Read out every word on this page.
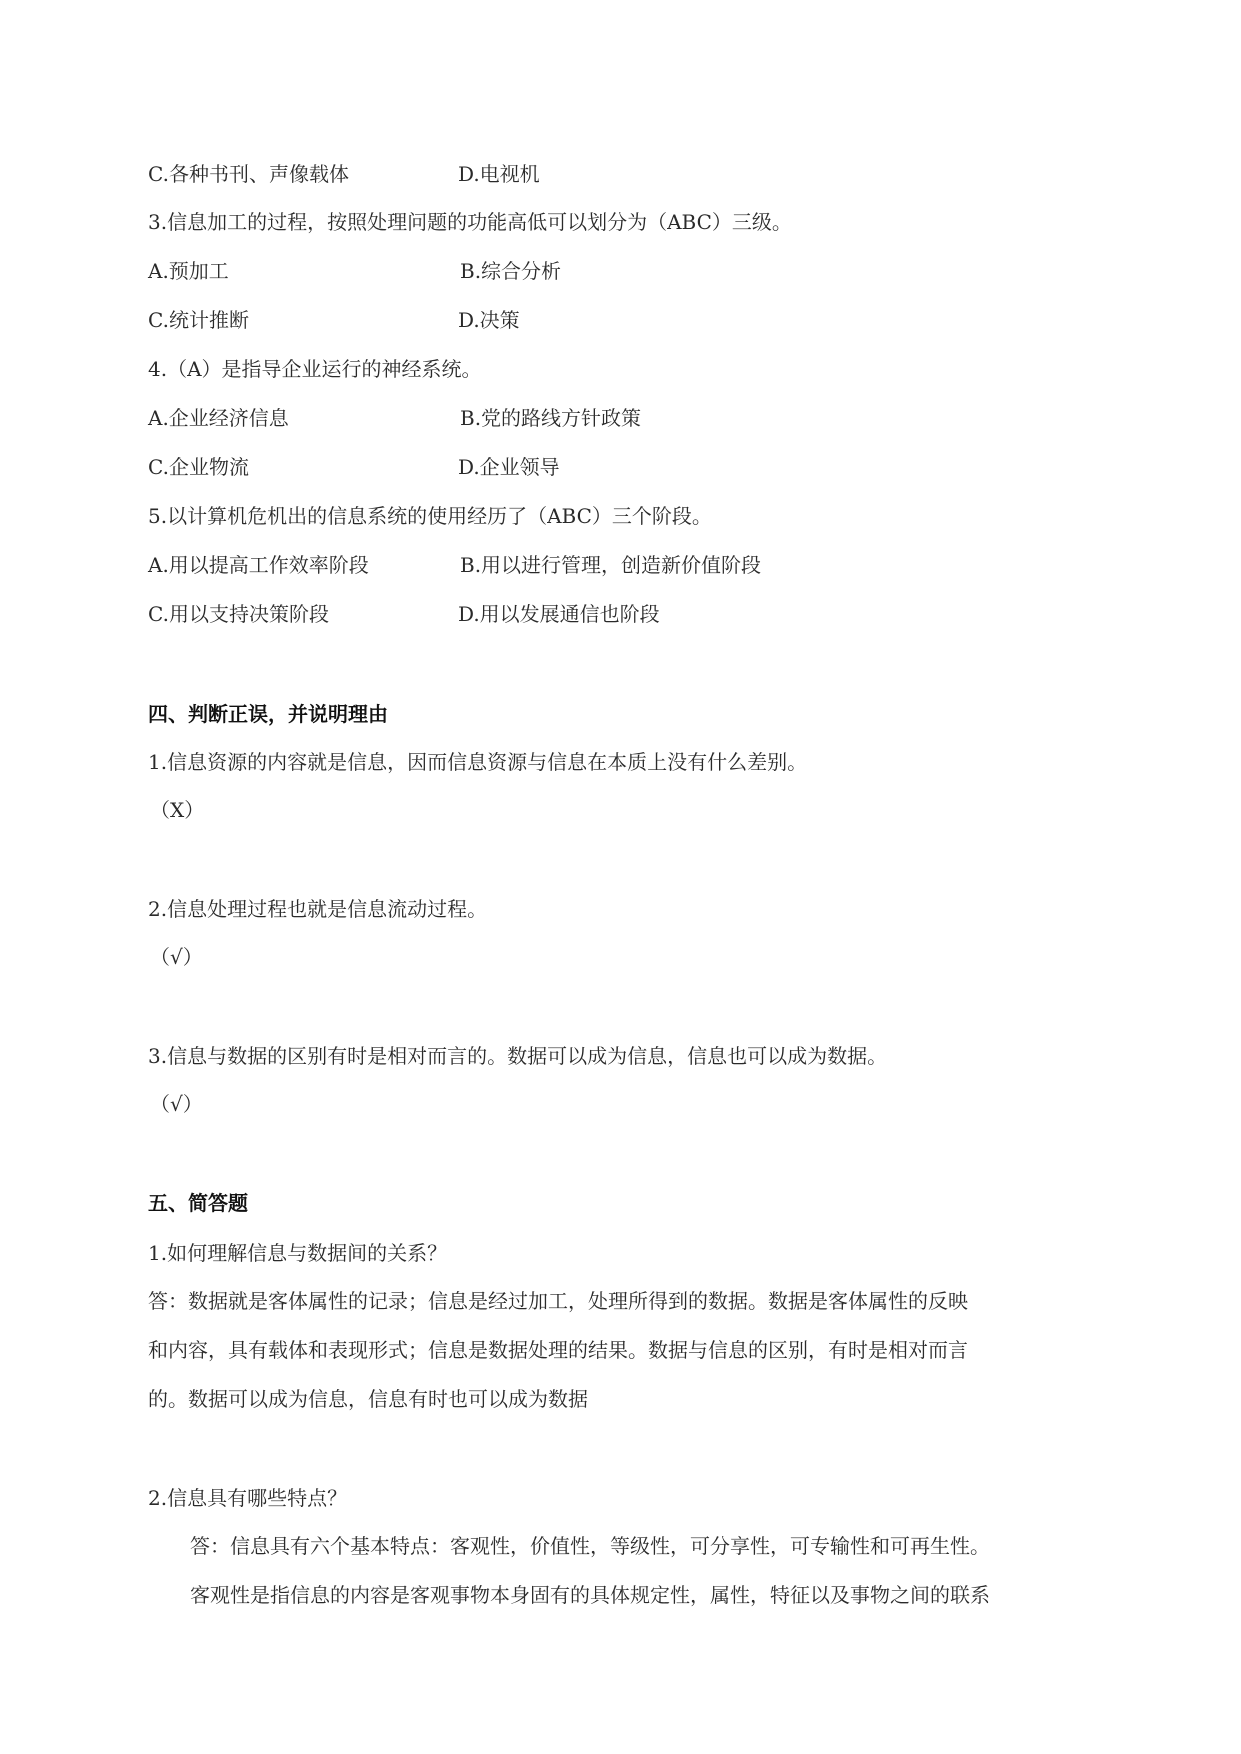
C.各种书刊、声像载体	D.电视机
3.信息加工的过程，按照处理问题的功能高低可以划分为（ABC）三级。
A.预加工	B.综合分析
C.统计推断	D.决策
4.（A）是指导企业运行的神经系统。
A.企业经济信息	B.党的路线方针政策
C.企业物流	D.企业领导
5.以计算机危机出的信息系统的使用经历了（ABC）三个阶段。
A.用以提高工作效率阶段	B.用以进行管理，创造新价值阶段
C.用以支持决策阶段	D.用以发展通信也阶段
四、判断正误，并说明理由
1.信息资源的内容就是信息，因而信息资源与信息在本质上没有什么差别。
（X）
2.信息处理过程也就是信息流动过程。
（√）
3.信息与数据的区别有时是相对而言的。数据可以成为信息，信息也可以成为数据。
（√）
五、简答题
1.如何理解信息与数据间的关系？
答：数据就是客体属性的记录；信息是经过加工，处理所得到的数据。数据是客体属性的反映
和内容，具有载体和表现形式；信息是数据处理的结果。数据与信息的区别，有时是相对而言
的。数据可以成为信息，信息有时也可以成为数据
2.信息具有哪些特点？
答：信息具有六个基本特点：客观性，价值性，等级性，可分享性，可专输性和可再生性。
客观性是指信息的内容是客观事物本身固有的具体规定性，属性，特征以及事物之间的联系
